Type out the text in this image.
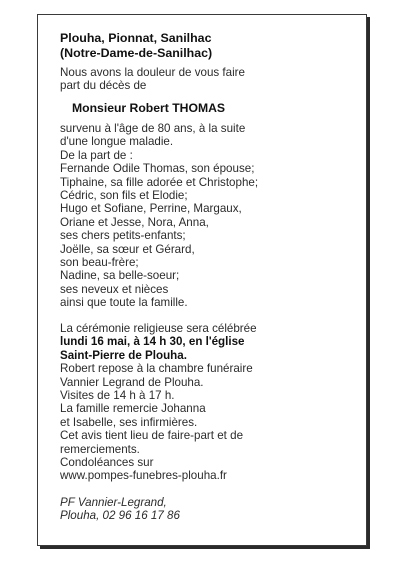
Plouha, Pionnat, Sanilhac
(Notre-Dame-de-Sanilhac)
Nous avons la douleur de vous faire
part du décès de
Monsieur Robert THOMAS
survenu à l'âge de 80 ans, à la suite
d'une longue maladie.
De la part de :
Fernande Odile Thomas, son épouse;
Tiphaine, sa fille adorée et Christophe;
Cédric, son fils et Elodie;
Hugo et Sofiane, Perrine, Margaux,
Oriane et Jesse, Nora, Anna,
ses chers petits-enfants;
Joëlle, sa sœur et Gérard,
son beau-frère;
Nadine, sa belle-soeur;
ses neveux et nièces
ainsi que toute la famille.
La cérémonie religieuse sera célébrée
lundi 16 mai, à 14 h 30, en l'église
Saint-Pierre de Plouha.
Robert repose à la chambre funéraire
Vannier Legrand de Plouha.
Visites de 14 h à 17 h.
La famille remercie Johanna
et Isabelle, ses infirmières.
Cet avis tient lieu de faire-part et de
remerciements.
Condoléances sur
www.pompes-funebres-plouha.fr
PF Vannier-Legrand,
Plouha, 02 96 16 17 86
